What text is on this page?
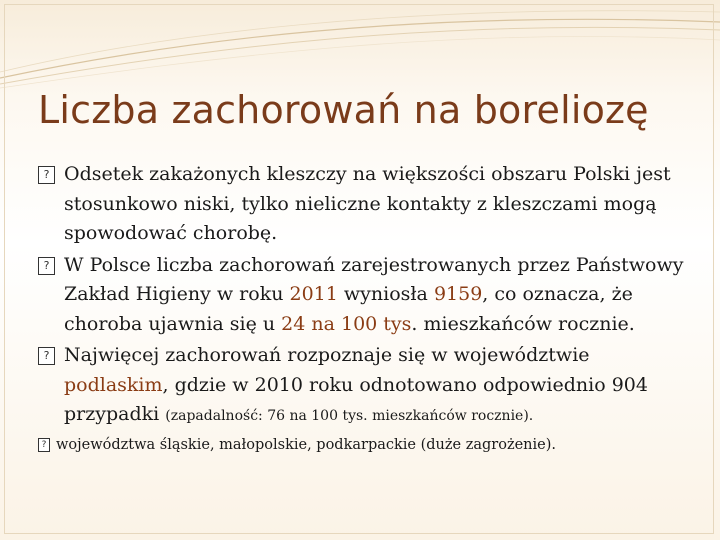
Liczba zachorowań na boreliozę
? Odsetek zakażonych kleszczy na większości obszaru Polski jest stosunkowo niski, tylko nieliczne kontakty z kleszczami mogą spowodować chorobę.
? W Polsce liczba zachorowań zarejestrowanych przez Państwowy Zakład Higieny w roku 2011 wyniosła 9159, co oznacza, że choroba ujawnia się u 24 na 100 tys. mieszkańców rocznie.
? Najwięcej zachorowań rozpoznaje się w województwie podlaskim, gdzie w 2010 roku odnotowano odpowiednio 904 przypadki (zapadalność: 76 na 100 tys. mieszkańców rocznie).
? województwa śląskie, małopolskie, podkarpackie (duże zagrożenie).
